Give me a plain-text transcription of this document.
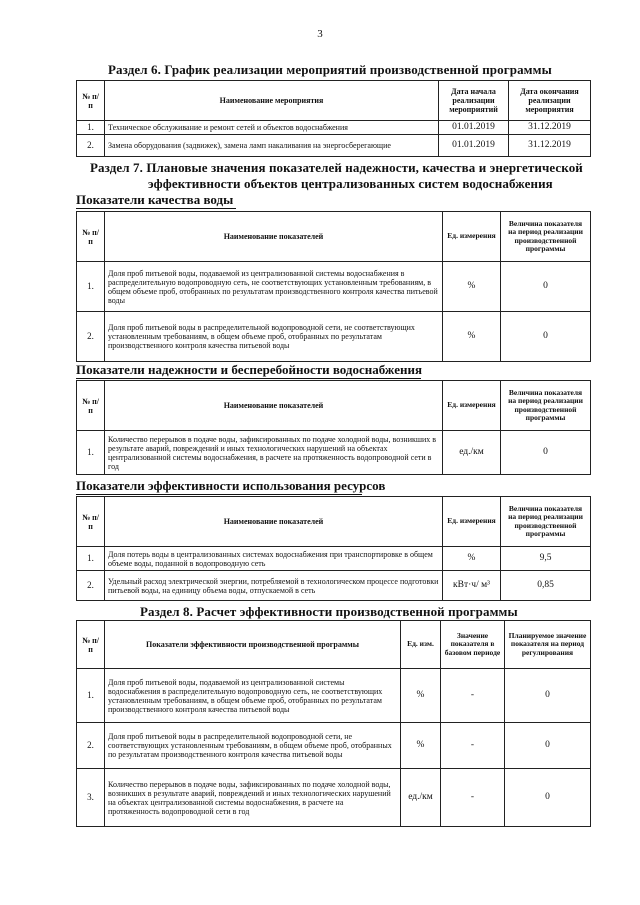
3
Раздел 6. График реализации мероприятий производственной программы
№ п/п	Наименование мероприятия	Дата начала реализации мероприятий	Дата окончания реализации мероприятия
1.	Техническое обслуживание и ремонт сетей и объектов водоснабжения	01.01.2019	31.12.2019
2.	Замена оборудования (задвижек), замена ламп накаливания на энергосберегающие	01.01.2019	31.12.2019
Раздел 7. Плановые значения показателей надежности, качества и энергетической
эффективности объектов централизованных систем водоснабжения
Показатели качества воды
№ п/п	Наименование показателей	Ед. измерения	Величина показателя на период реализации производственной программы
1.	Доля проб питьевой воды, подаваемой из централизованной системы водоснабжения в распределительную водопроводную сеть, не соответствующих установленным требованиям, в общем объеме проб, отобранных по результатам производственного контроля качества питьевой воды	%	0
2.	Доля проб питьевой воды в распределительной водопроводной сети, не соответствующих установленным требованиям, в общем объеме проб, отобранных по результатам производственного контроля качества питьевой воды	%	0
Показатели надежности и бесперебойности водоснабжения
№ п/п	Наименование показателей	Ед. измерения	Величина показателя на период реализации производственной программы
1.	Количество перерывов в подаче воды, зафиксированных по подаче холодной воды, возникших в результате аварий, повреждений и иных технологических нарушений на объектах централизованной системы водоснабжения, в расчете на протяженность водопроводной сети в год	ед./км	0
Показатели эффективности использования ресурсов
№ п/п	Наименование показателей	Ед. измерения	Величина показателя на период реализации производственной программы
1.	Доля потерь воды в централизованных системах водоснабжения при транспортировке в общем объеме воды, поданной в водопроводную сеть	%	9,5
2.	Удельный расход электрической энергии, потребляемой в технологическом процессе подготовки питьевой воды, на единицу объема воды, отпускаемой в сеть	кВт·ч/ м³	0,85
Раздел 8. Расчет эффективности производственной программы
№ п/п	Показатели эффективности производственной программы	Ед. изм.	Значение показателя в базовом периоде	Планируемое значение показателя на период регулирования
1.	Доля проб питьевой воды, подаваемой из централизованной системы водоснабжения в распределительную водопроводную сеть, не соответствующих установленным требованиям, в общем объеме проб, отобранных по результатам производственного контроля качества питьевой воды	%	-	0
2.	Доля проб питьевой воды в распределительной водопроводной сети, не соответствующих установленным требованиям, в общем объеме проб, отобранных по результатам производственного контроля качества питьевой воды	%	-	0
3.	Количество перерывов в подаче воды, зафиксированных по подаче холодной воды, возникших в результате аварий, повреждений и иных технологических нарушений на объектах централизованной системы водоснабжения, в расчете на протяженность водопроводной сети в год	ед./км	-	0
